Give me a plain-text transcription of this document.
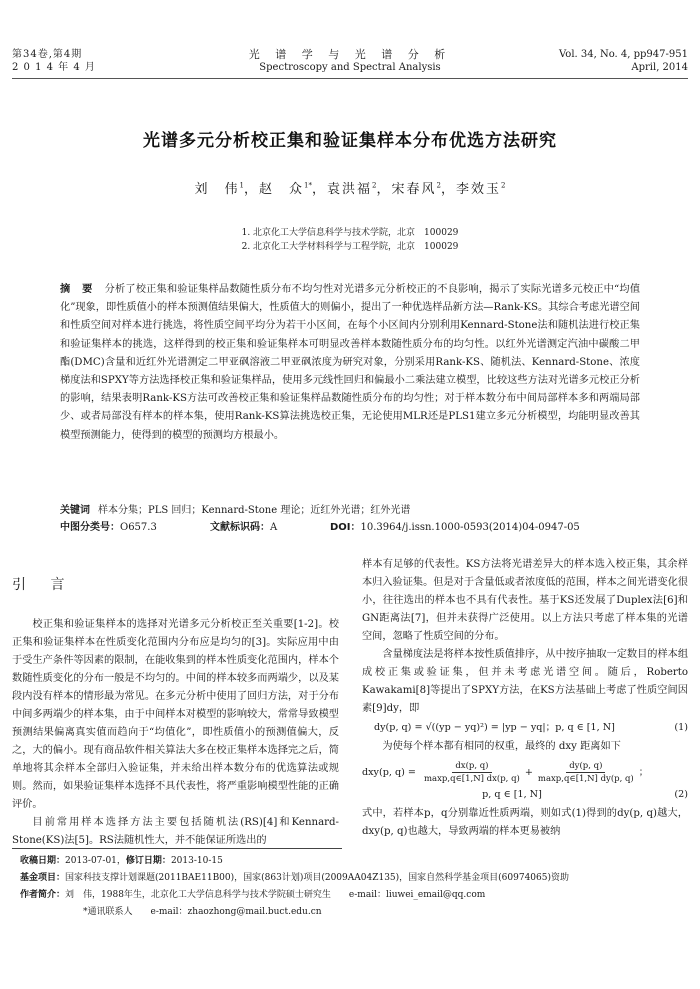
第34卷,第4期
2 0 1 4 年 4 月
光 谱 学 与 光 谱 分 析
Spectroscopy and Spectral Analysis
Vol. 34, No. 4, pp947-951
April, 2014
光谱多元分析校正集和验证集样本分布优选方法研究
刘　伟$^1$，赵　众$^{1*}$，袁洪福$^2$，宋春风$^2$，李效玉$^2$
1. 北京化工大学信息科学与技术学院，北京　100029
2. 北京化工大学材料科学与工程学院，北京　100029
摘 要 分析了校正集和验证集样品数随性质分布不均匀性对光谱多元分析校正的不良影响，揭示了实际光谱多元校正中“均值化”现象，即性质值小的样本预测值结果偏大，性质值大的则偏小，提出了一种优选样品新方法—Rank-KS。其综合考虑光谱空间和性质空间对样本进行挑选，将性质空间平均分为若干小区间，在每个小区间内分别利用Kennard-Stone法和随机法进行校正集和验证集样本的挑选，这样得到的校正集和验证集样本可明显改善样本数随性质分布的均匀性。以红外光谱测定汽油中碳酸二甲酯(DMC)含量和近红外光谱测定二甲亚砜溶液二甲亚砜浓度为研究对象，分别采用Rank-KS、随机法、Kennard-Stone、浓度梯度法和SPXY等方法选择校正集和验证集样品，使用多元线性回归和偏最小二乘法建立模型，比较这些方法对光谱多元校正分析的影响，结果表明Rank-KS方法可改善校正集和验证集样品数随性质分布的均匀性；对于样本数分布中间局部样本多和两端局部少、或者局部没有样本的样本集，使用Rank-KS算法挑选校正集，无论使用MLR还是PLS1建立多元分析模型，均能明显改善其模型预测能力，使得到的模型的预测均方根最小。
关键词 样本分集；PLS 回归；Kennard-Stone 理论；近红外光谱；红外光谱
中图分类号：O657.3	文献标识码：A	DOI：10.3964/j.issn.1000-0593(2014)04-0947-05
引 言

校正集和验证集样本的选择对光谱多元分析校正至关重要[1-2]。校正集和验证集样本在性质变化范围内分布应是均匀的[3]。实际应用中由于受生产条件等因素的限制，在能收集到的样本性质变化范围内，样本个数随性质变化的分布一般是不均匀的。中间的样本较多而两端少，以及某段内没有样本的情形最为常见。在多元分析中使用了回归方法，对于分布中间多两端少的样本集，由于中间样本对模型的影响较大，常常导致模型预测结果偏离真实值而趋向于“均值化”，即性质值小的预测值偏大，反之，大的偏小。现有商品软件相关算法大多在校正集样本选择完之后，简单地将其余样本全部归入验证集，并未给出样本数分布的优选算法或规则。然而，如果验证集样本选择不具代表性，将严重影响模型性能的正确评价。

目前常用样本选择方法主要包括随机法(RS)[4]和Kennard-Stone(KS)法[5]。RS法随机性大，并不能保证所选出的

样本有足够的代表性。KS方法将光谱差异大的样本选入校正集，其余样本归入验证集。但是对于含量低或者浓度低的范围，样本之间光谱变化很小，往往选出的样本也不具有代表性。基于KS还发展了Duplex法[6]和GN距离法[7]，但并未获得广泛使用。以上方法只考虑了样本集的光谱空间，忽略了性质空间的分布。

含量梯度法是将样本按性质值排序，从中按序抽取一定数目的样本组成校正集或验证集，但并未考虑光谱空间。随后，Roberto Kawakami[8]等提出了SPXY方法，在KS方法基础上考虑了性质空间因素[9]dy，即

dy(p, q) = √((yp − yq)²) = |yp − yq|；p, q ∈ [1, N]	(1)

为使每个样本都有相同的权重，最终的 dxy 距离如下

dxy(p, $q) = \frac{dx(p, q)}{\max p,q\in[1,N] dx(p, q)} + \frac{dy(p, q)}{\max p,q\in[1,N] dy(p, q)}$ ；
p, q ∈ [1, N]	(2)

式中，若样本p，q分别靠近性质两端，则如式(1)得到的dy(p, q)越大，dxy(p, q)也越大，导致两端的样本更易被纳

收稿日期：2013-07-01，修订日期：2013-10-15
基金项目：国家科技支撑计划课题(2011BAE11B00)，国家(863计划)项目(2009AA04Z135)，国家自然科学基金项目(60974065)资助
作者简介：刘　伟，1988年生，北京化工大学信息科学与技术学院硕士研究生　　e-mail：liuwei_email@qq.com
*通讯联系人　　e-mail：zhaozhong@mail.buct.edu.cn
